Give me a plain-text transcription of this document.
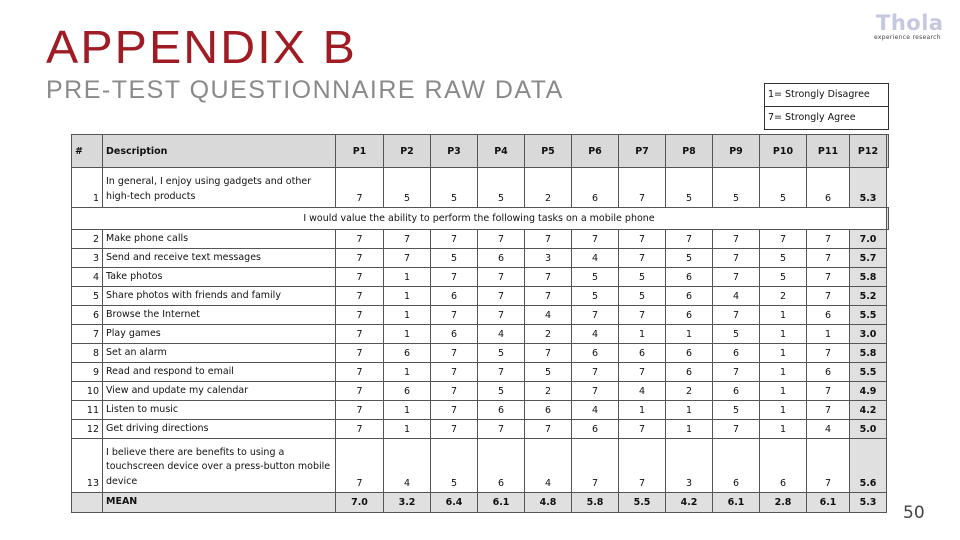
APPENDIX B
PRE-TEST QUESTIONNAIRE RAW DATA
Thola
experience research
1= Strongly Disagree
7= Strongly Agree
#	Description	P1	P2	P3	P4	P5	P6	P7	P8	P9	P10	P11	P12	
1	In general, I enjoy using gadgets and other high-tech products	7	5	5	5	2	6	7	5	5	5	6	5.3	
I would value the ability to perform the following tasks on a mobile phone														
2	Make phone calls	7	7	7	7	7	7	7	7	7	7	7	7.0	
3	Send and receive text messages	7	7	5	6	3	4	7	5	7	5	7	5.7	
4	Take photos	7	1	7	7	7	5	5	6	7	5	7	5.8	
5	Share photos with friends and family	7	1	6	7	7	5	5	6	4	2	7	5.2	
6	Browse the Internet	7	1	7	7	4	7	7	6	7	1	6	5.5	
7	Play games	7	1	6	4	2	4	1	1	5	1	1	3.0	
8	Set an alarm	7	6	7	5	7	6	6	6	6	1	7	5.8	
9	Read and respond to email	7	1	7	7	5	7	7	6	7	1	6	5.5	
10	View and update my calendar	7	6	7	5	2	7	4	2	6	1	7	4.9	
11	Listen to music	7	1	7	6	6	4	1	1	5	1	7	4.2	
12	Get driving directions	7	1	7	7	7	6	7	1	7	1	4	5.0	
13	I believe there are benefits to using a touchscreen device over a press-button mobile device	7	4	5	6	4	7	7	3	6	6	7	5.6	
	MEAN	7.0	3.2	6.4	6.1	4.8	5.8	5.5	4.2	6.1	2.8	6.1	5.3	
50
